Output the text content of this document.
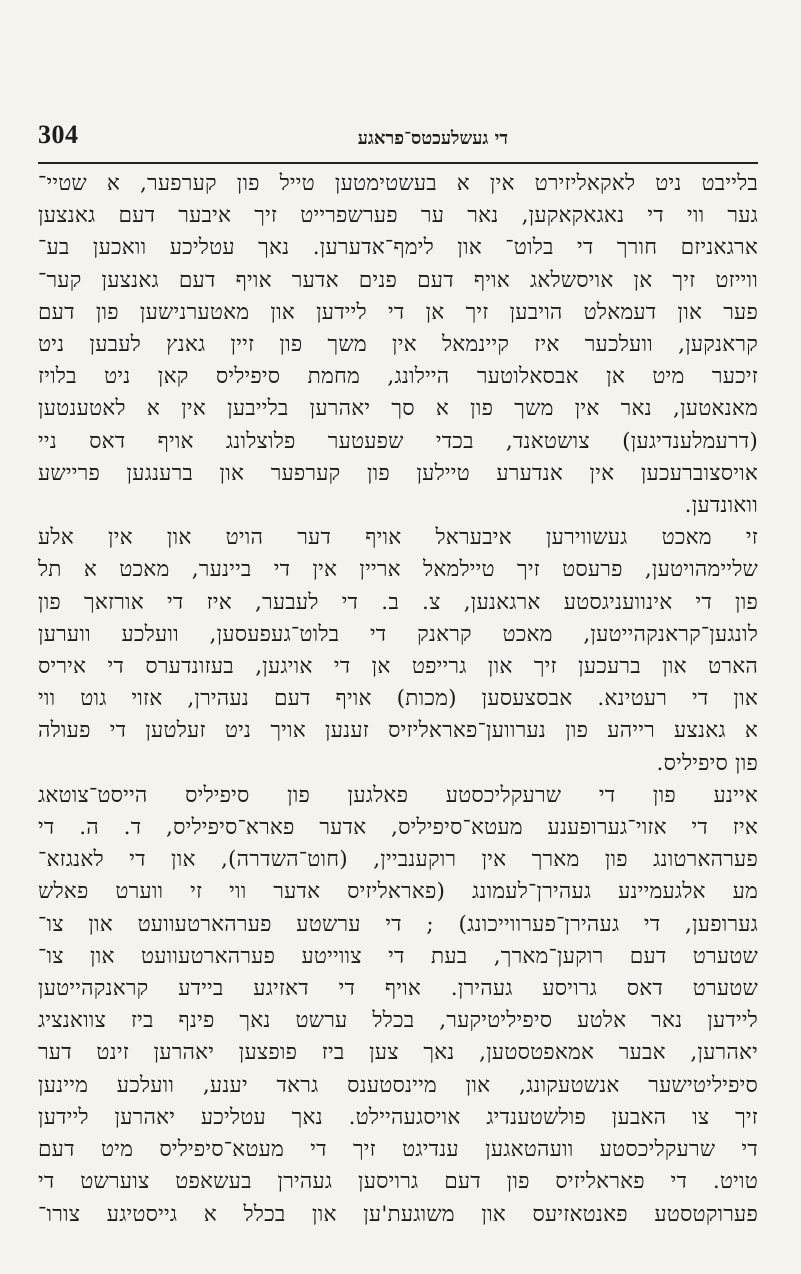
304	די געשלעכטס־פראגע

בלייבט ניט לאקאליזירט אין א בעשטימטען טייל פון קערפער, א שטיי־
גער ווי די נאגאקאקען, נאר ער פערשפרייט זיך איבער דעם גאנצען
ארגאניזם חורך די בלוט־ און לימף־אדערען. נאך עטליכע וואכען בע־
ווייזט זיך אן אויסשלאג אויף דעם פנים אדער אויף דעם גאנצען קער־
פער און דעמאלט הויבען זיך אן די ליידען און מאטערנישען פון דעם
קראנקען, וועלכער איז קיינמאל אין משך פון זיין גאנץ לעבען ניט
זיכער מיט אן אבסאלוטער היילונג, מחמת סיפיליס קאן ניט בלויז
מאנאטען, נאר אין משך פון א סך יאהרען בלייבען אין א לאטענטען
(דרעמלענדיגען) צושטאנד, בכדי שפעטער פלוצלונג אויף דאס ניי
אויסצוברעכען אין אנדערע טיילען פון קערפער און ברענגען פריישע
וואונדען.

זי מאכט געשווירען איבעראל אויף דער הויט און אין אלע
שליימהויטען, פרעסט זיך טיילמאל אריין אין די ביינער, מאכט א תל
פון די אינוועניגסטע ארגאנען, צ. ב. די לעבער, איז די אורזאך פון
לונגען־קראנקהייטען, מאכט קראנק די בלוט־געפעסען, וועלכע ווערען
הארט און ברעכען זיך און גרייפט אן די אויגען, בעזונדערס די איריס
און די רעטינא. אבסצעסען (מכות) אויף דעם נעהירן, אזוי גוט ווי
א גאנצע רייהע פון נערווען־פאראליזיס זענען אויך ניט זעלטען די פעולה
פון סיפיליס.

איינע פון די שרעקליכסטע פאלגען פון סיפיליס הייסט־צוטאג
איז די אזוי־גערופענע מעטא־סיפיליס, אדער פארא־סיפיליס, ד. ה. די
פערהארטונג פון מארך אין רוקענביין, (חוט־השדרה), און די לאנגזא־
מע אלגעמיינע געהירן־לעמונג (פאראליזיס אדער ווי זי ווערט פאלש
גערופען, די געהירן־פערווייכונג) ; די ערשטע פערהארטעוועט און צו־
שטערט דעם רוקען־מארך, בעת די צווייטע פערהארטעוועט און צו־
שטערט דאס גרויסע געהירן. אויף די דאזיגע ביידע קראנקהייטען
ליידען נאר אלטע סיפיליטיקער, בכלל ערשט נאך פינף ביז צוואנציג
יאהרען, אבער אמאפטסטען, נאך צען ביז פופצען יאהרען זינט דער
סיפיליטישער אנשטעקונג, און מיינסטענס גראד יענע, וועלכע מיינען
זיך צו האבען פולשטענדיג אויסגעהיילט. נאך עטליכע יאהרען ליידען
די שרעקליכסטע וועהטאגען ענדיגט זיך די מעטא־סיפיליס מיט דעם
טויט. די פאראליזיס פון דעם גרויסען געהירן בעשאפט צוערשט די
פערוקטסטע פאנטאזיעס און משוגעת'ען און בכלל א גייסטיגע צורו־
